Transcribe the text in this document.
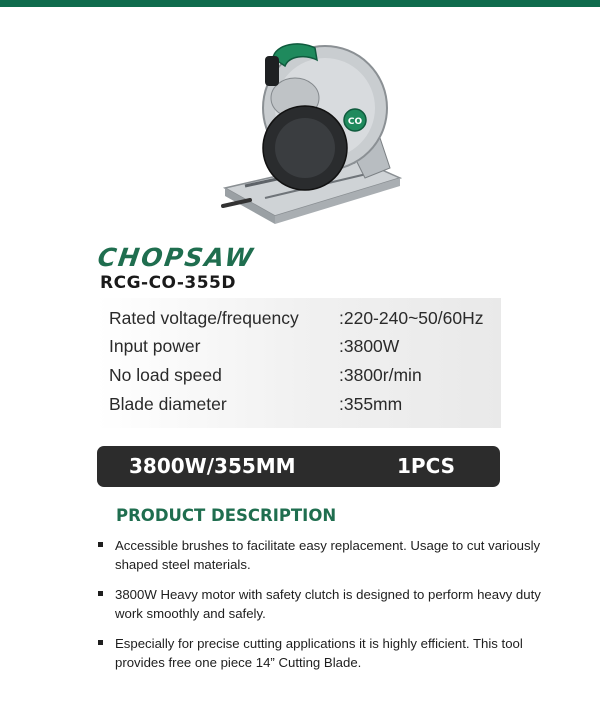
CO
CHOPSAW
RCG-CO-355D
Rated voltage/frequency :220-240~50/60Hz
Input power	:3800W
No load speed	:3800r/min
Blade diameter	:355mm
3800W/355MM	1PCS
PRODUCT DESCRIPTION
Accessible brushes to facilitate easy replacement. Usage to cut variously shaped steel materials.
3800W Heavy motor with safety clutch is designed to perform heavy duty work smoothly and safely.
Especially for precise cutting applications it is highly efficient. This tool provides free one piece 14” Cutting Blade.
